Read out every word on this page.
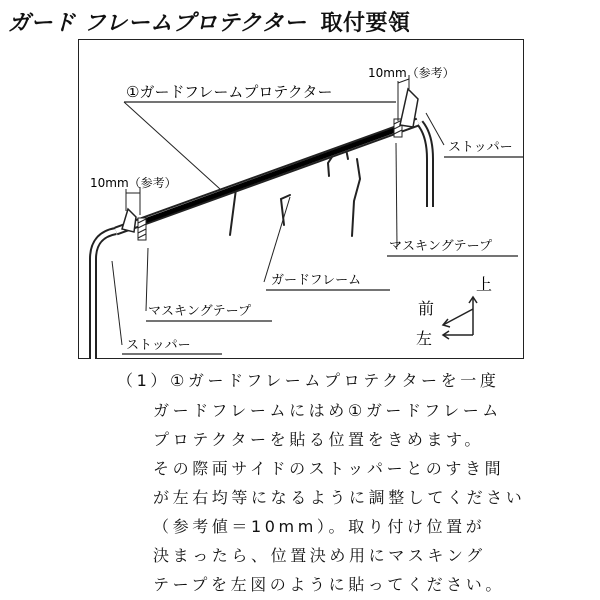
ガード フレームプロテクター 取付要領
①ガードフレームプロテクター
10mm（参考）
10mm（参考）
ストッパー
マスキングテープ
ガードフレーム
マスキングテープ
ストッパー
上
前
左
（1）①ガードフレームプロテクターを一度
ガードフレームにはめ①ガードフレーム
プロテクターを貼る位置をきめます。
その際両サイドのストッパーとのすき間
が左右均等になるように調整してください
（参考値＝10mm）。取り付け位置が
決まったら、位置決め用にマスキング
テープを左図のように貼ってください。
